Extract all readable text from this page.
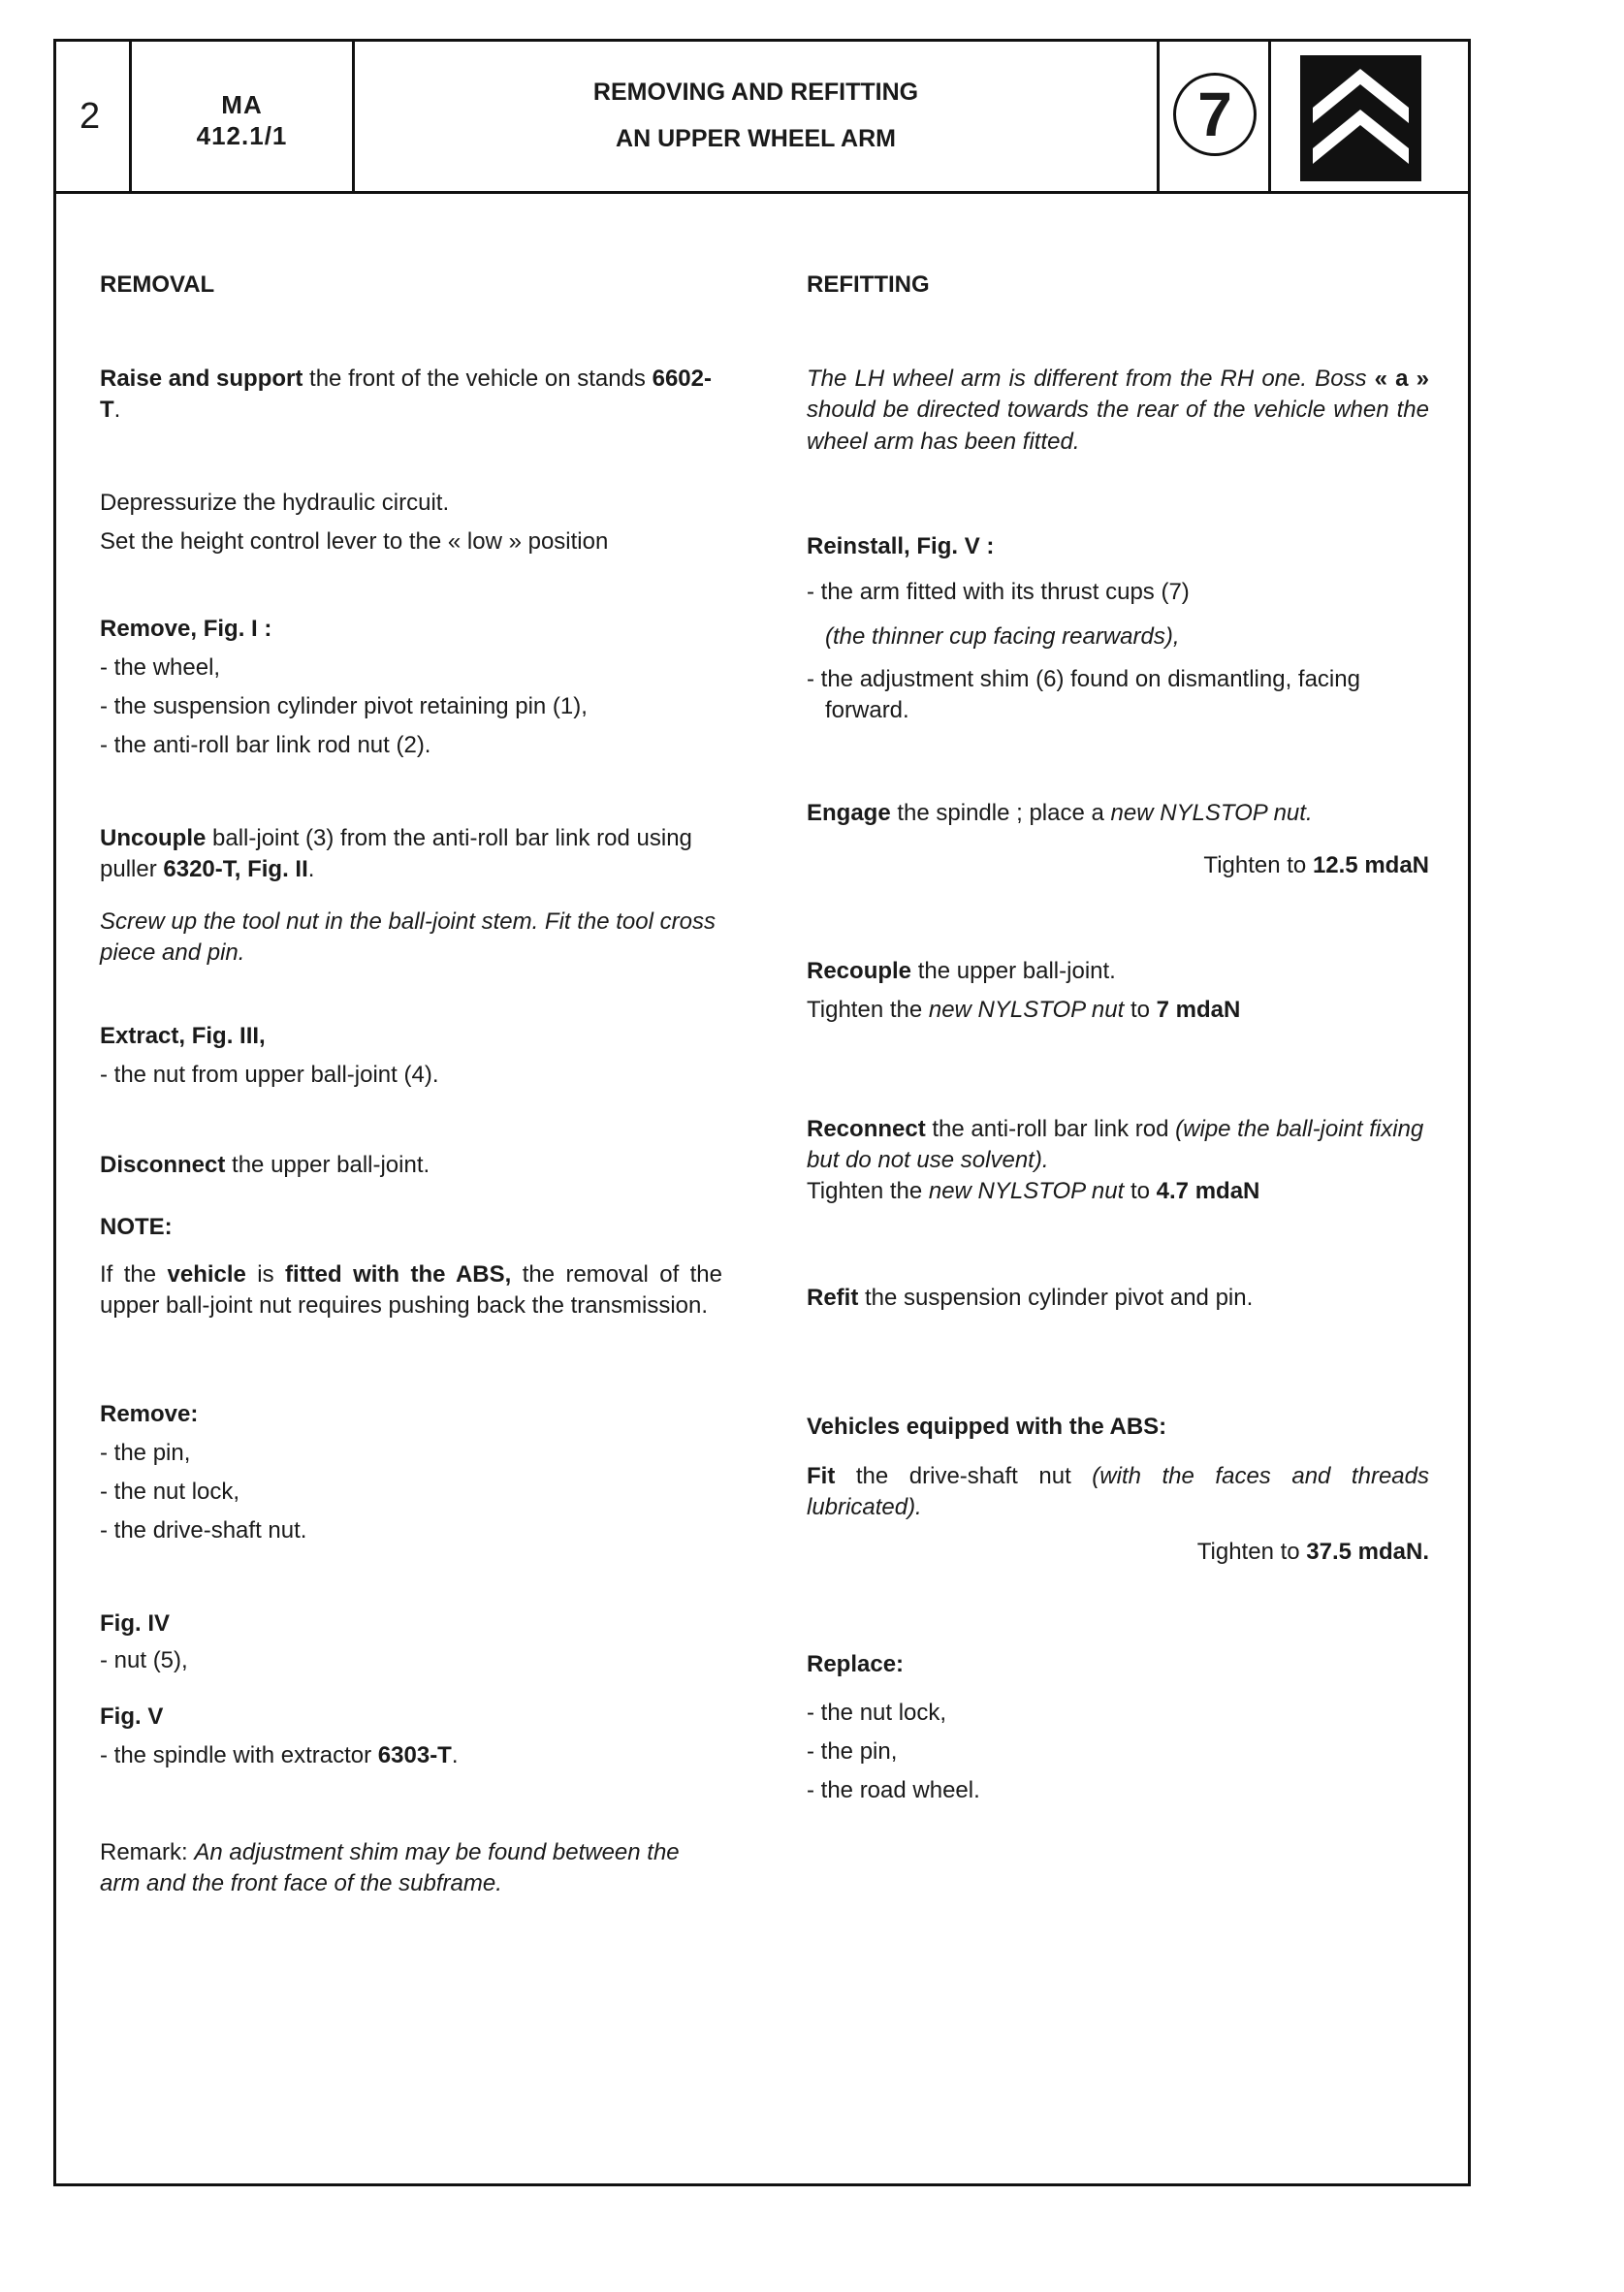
2	MA
412.1/1
REMOVING AND REFITTING
AN UPPER WHEEL ARM	7

REMOVAL

Raise and support the front of the vehicle on stands 6602-T.

Depressurize the hydraulic circuit.

Set the height control lever to the « low » position

Remove, Fig. I :

- the wheel,

- the suspension cylinder pivot retaining pin (1),

- the anti-roll bar link rod nut (2).

Uncouple ball-joint (3) from the anti-roll bar link rod using puller 6320-T, Fig. II.

Screw up the tool nut in the ball-joint stem. Fit the tool cross piece and pin.

Extract, Fig. III,

- the nut from upper ball-joint (4).

Disconnect the upper ball-joint.

NOTE:

If the vehicle is fitted with the ABS, the removal of the upper ball-joint nut requires pushing back the transmission.

Remove:

- the pin,

- the nut lock,

- the drive-shaft nut.

Fig. IV

- nut (5),

Fig. V

- the spindle with extractor 6303-T.

Remark: An adjustment shim may be found between the arm and the front face of the subframe.

REFITTING

The LH wheel arm is different from the RH one. Boss « a » should be directed towards the rear of the vehicle when the wheel arm has been fitted.

Reinstall, Fig. V :

- the arm fitted with its thrust cups (7)

(the thinner cup facing rearwards),

- the adjustment shim (6) found on dismantling, facing forward.

Engage the spindle ; place a new NYLSTOP nut.

Tighten to 12.5 mdaN

Recouple the upper ball-joint.

Tighten the new NYLSTOP nut to 7 mdaN

Reconnect the anti-roll bar link rod (wipe the ball-joint fixing but do not use solvent).

Tighten the new NYLSTOP nut to 4.7 mdaN

Refit the suspension cylinder pivot and pin.

Vehicles equipped with the ABS:

Fit the drive-shaft nut (with the faces and threads lubricated).

Tighten to 37.5 mdaN.

Replace:

- the nut lock,

- the pin,

- the road wheel.
